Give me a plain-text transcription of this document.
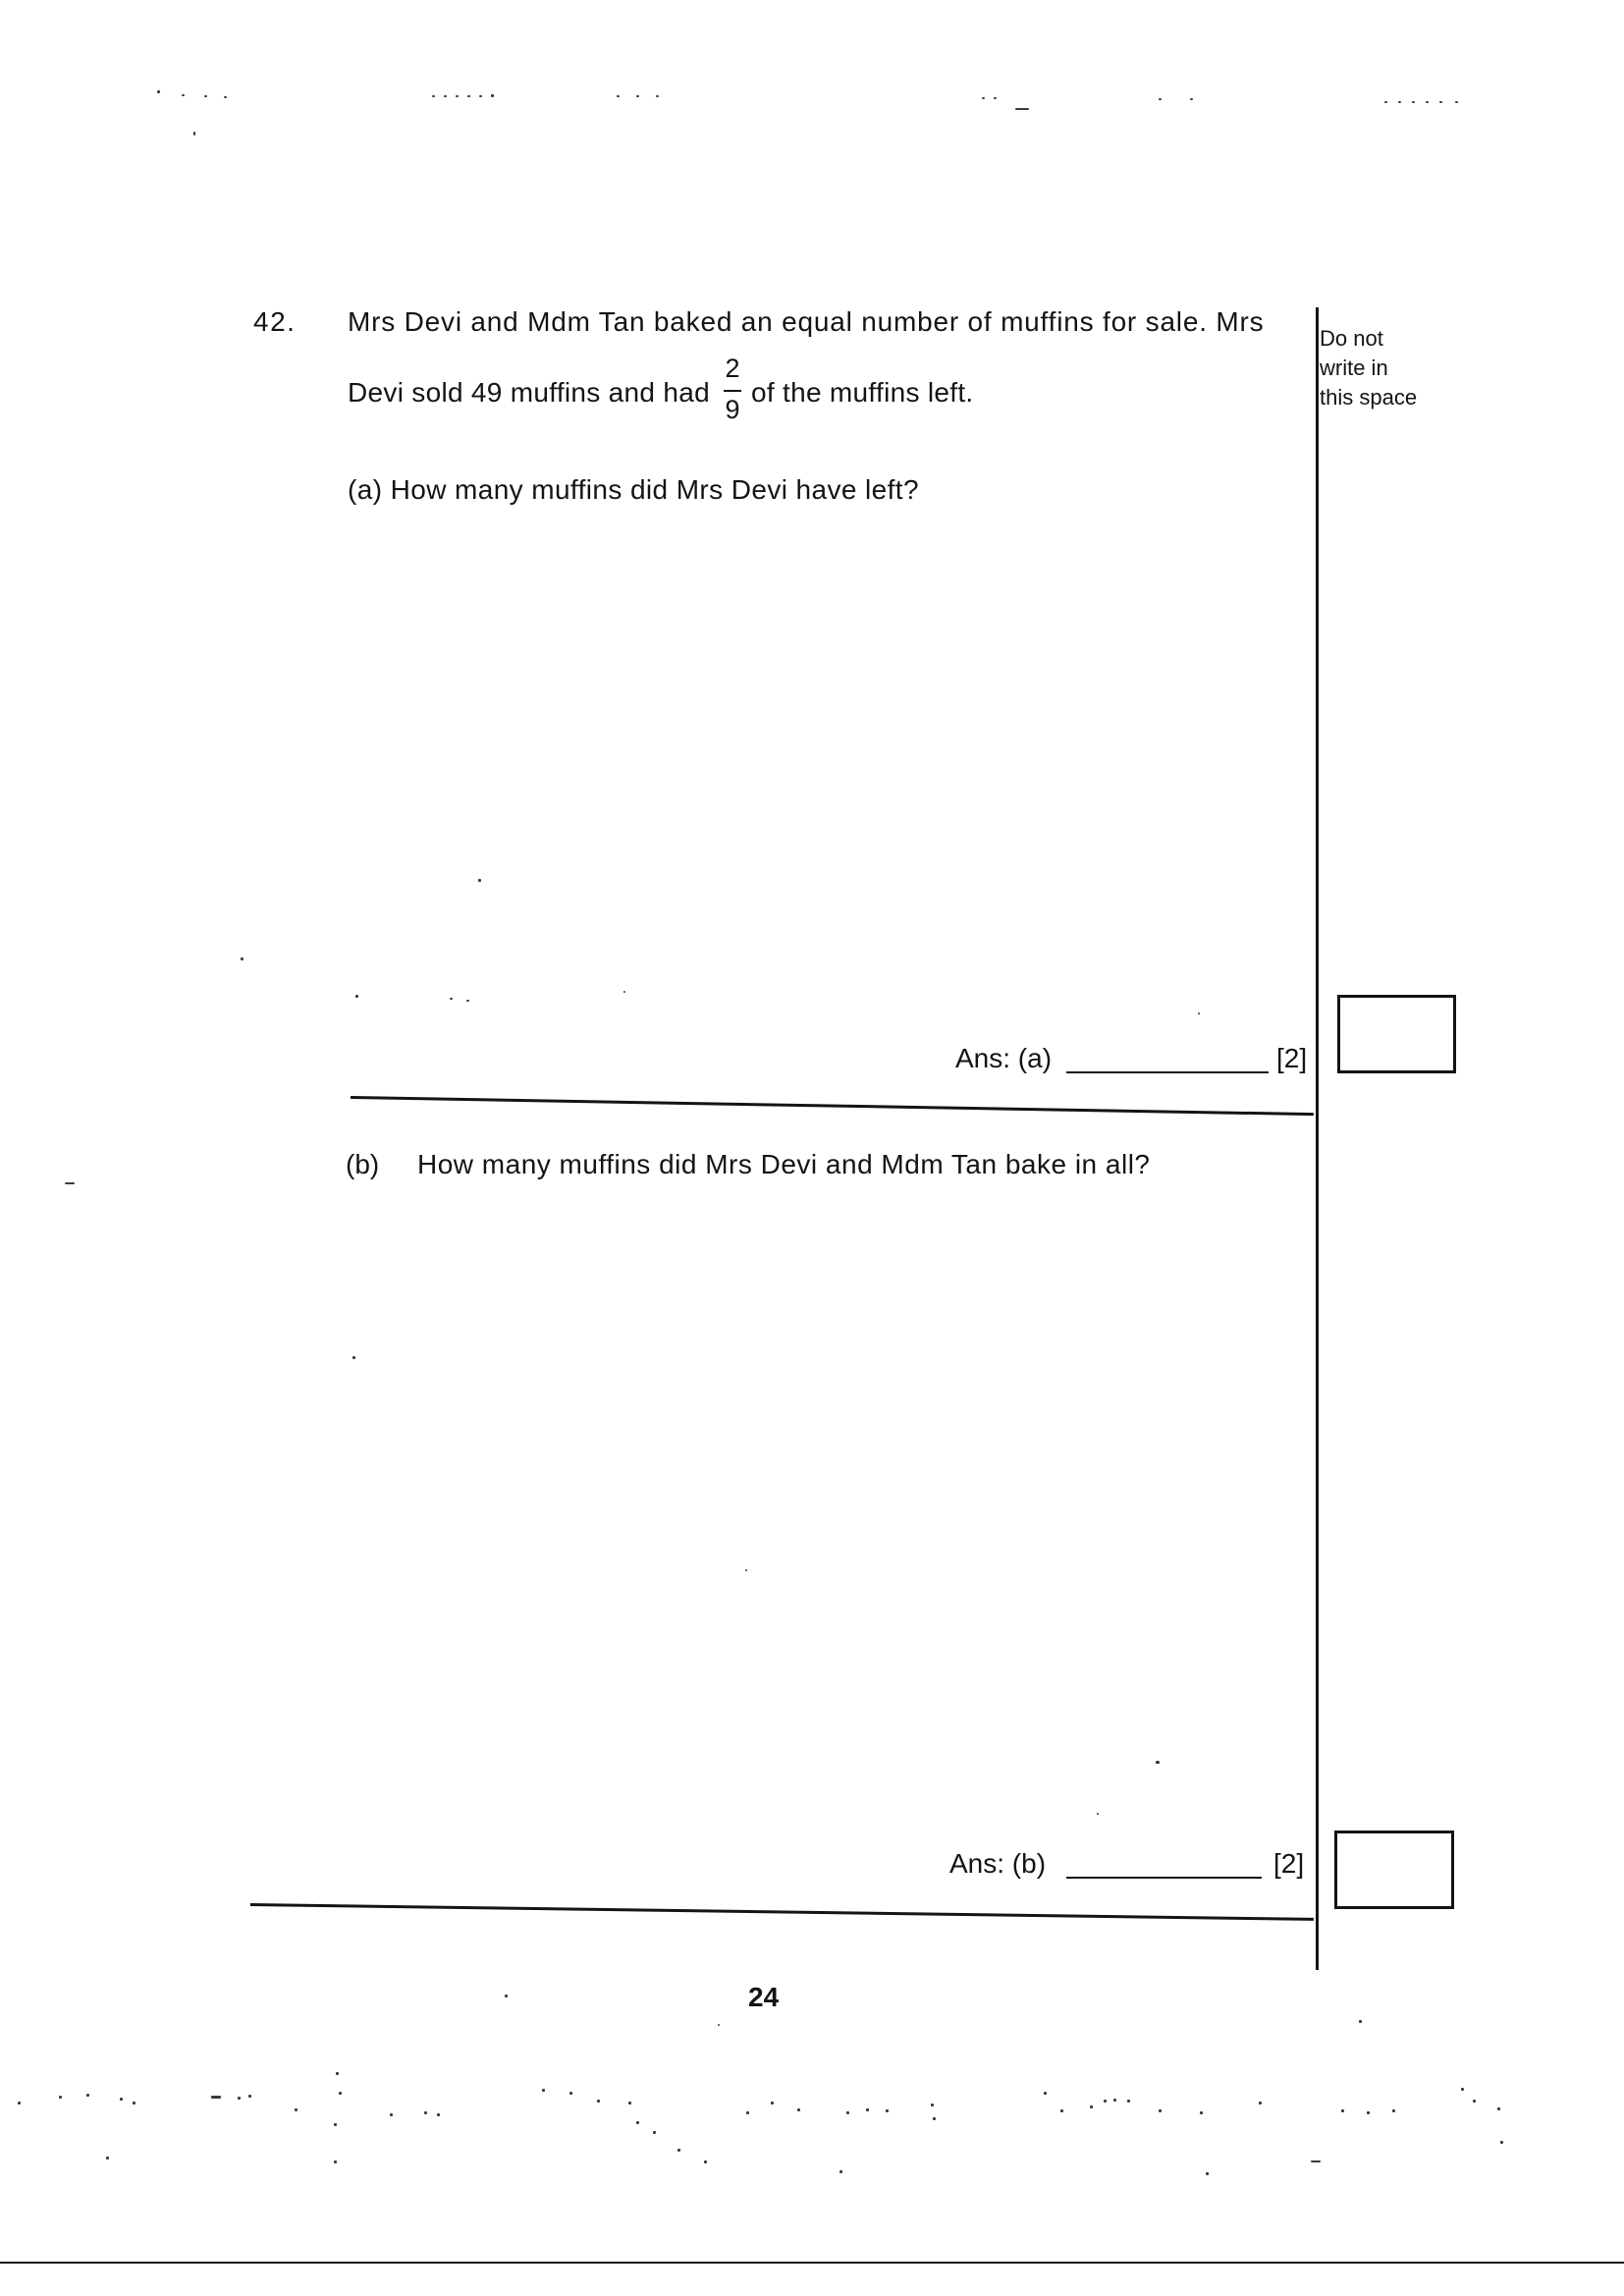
42. Mrs Devi and Mdm Tan baked an equal number of muffins for sale. Mrs
Devi sold 49 muffins and had
2
9
of the muffins left.
(a) How many muffins did Mrs Devi have left?
Ans: (a)	[2]
(b) How many muffins did Mrs Devi and Mdm Tan bake in all?
Ans: (b)	[2]
Do not
write in
this space
24
